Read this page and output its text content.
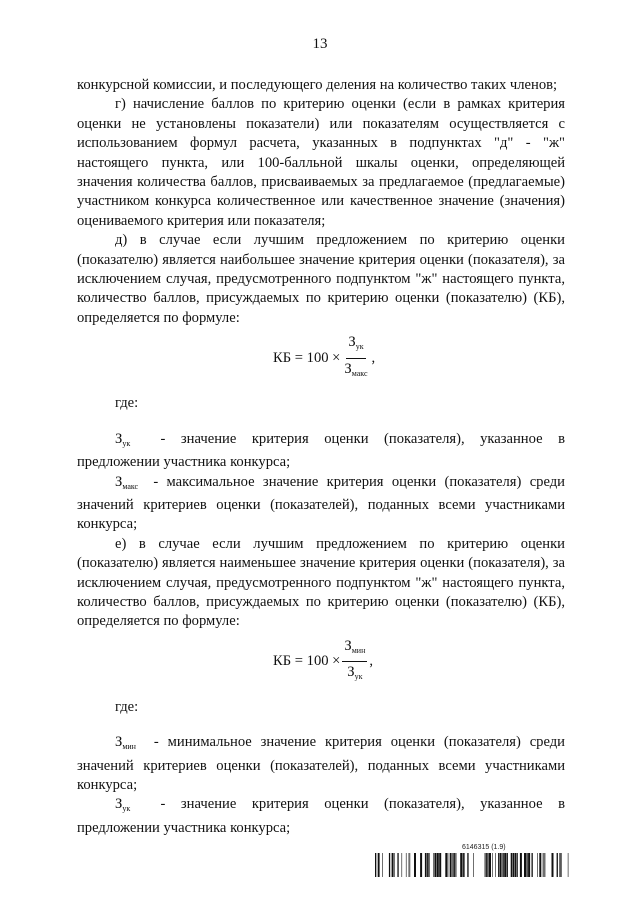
13

конкурсной комиссии, и последующего деления на количество таких членов;

г) начисление баллов по критерию оценки (если в рамках критерия оценки не установлены показатели) или показателям осуществляется с использованием формул расчета, указанных в подпунктах "д" - "ж" настоящего пункта, или 100-балльной шкалы оценки, определяющей значения количества баллов, присваиваемых за предлагаемое (предлагаемые) участником конкурса количественное или качественное значение (значения) оцениваемого критерия или показателя;

д) в случае если лучшим предложением по критерию оценки (показателю) является наибольшее значение критерия оценки (показателя), за исключением случая, предусмотренного подпунктом "ж" настоящего пункта, количество баллов, присуждаемых по критерию оценки (показателю) (КБ), определяется по формуле:

КБ = $100 \times \frac{З_{ук}}{З_{макс}}$ ,

где:

$З_{ук}$ - значение критерия оценки (показателя), указанное в предложении участника конкурса;

$З_{макс}$ - максимальное значение критерия оценки (показателя) среди значений критериев оценки (показателей), поданных всеми участниками конкурса;

е) в случае если лучшим предложением по критерию оценки (показателю) является наименьшее значение критерия оценки (показателя), за исключением случая, предусмотренного подпунктом "ж" настоящего пункта, количество баллов, присуждаемых по критерию оценки (показателю) (КБ), определяется по формуле:

КБ = $100 \times \frac{З_{мин}}{З_{ук}}$ ,

где:

$З_{мин}$ - минимальное значение критерия оценки (показателя) среди значений критериев оценки (показателей), поданных всеми участниками конкурса;

$З_{ук}$ - значение критерия оценки (показателя), указанное в предложении участника конкурса;

6146315 (1.9)
